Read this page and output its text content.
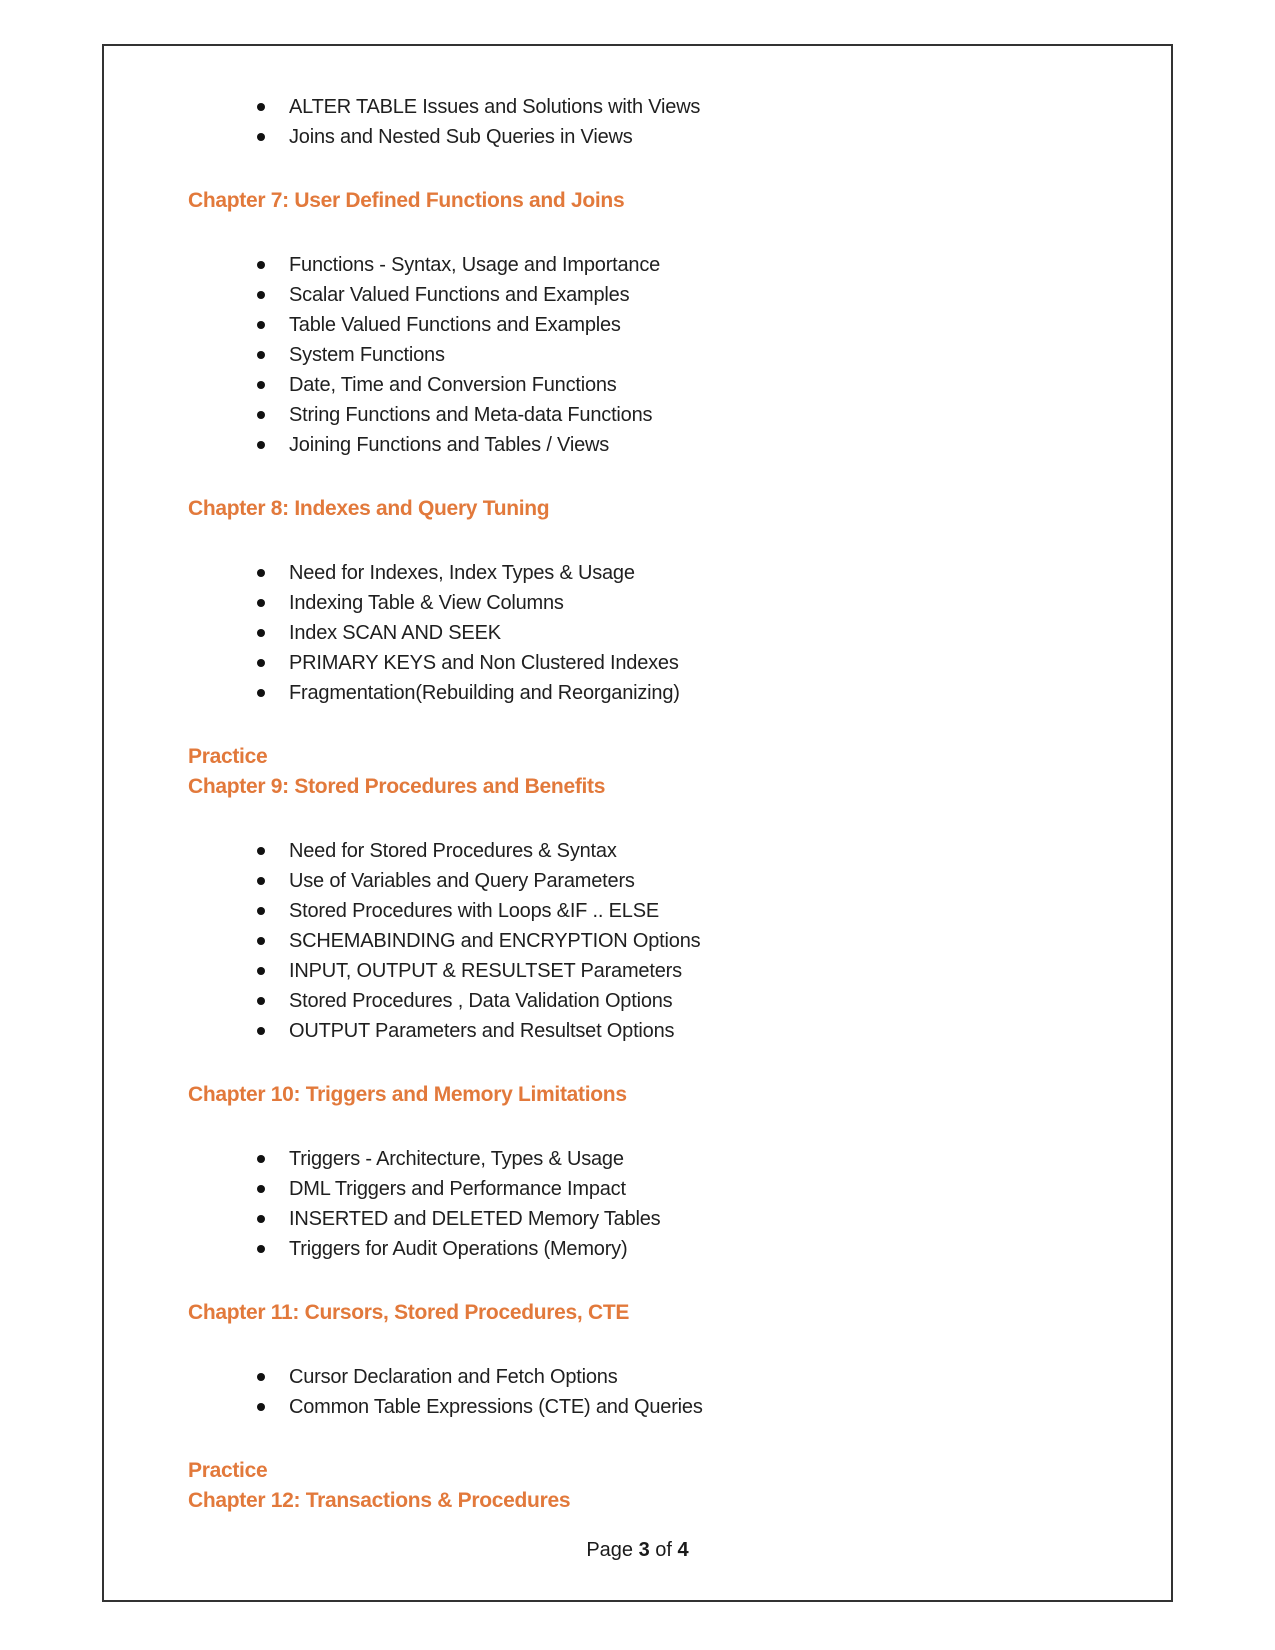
ALTER TABLE Issues and Solutions with Views
Joins and Nested Sub Queries in Views
Chapter 7: User Defined Functions and Joins
Functions - Syntax, Usage and Importance
Scalar Valued Functions and Examples
Table Valued Functions and Examples
System Functions
Date, Time and Conversion Functions
String Functions and Meta-data Functions
Joining Functions and Tables / Views
Chapter 8: Indexes and Query Tuning
Need for Indexes, Index Types & Usage
Indexing Table & View Columns
Index SCAN AND SEEK
PRIMARY KEYS and Non Clustered Indexes
Fragmentation(Rebuilding and Reorganizing)
Practice
Chapter 9: Stored Procedures and Benefits
Need for Stored Procedures & Syntax
Use of Variables and Query Parameters
Stored Procedures with Loops &IF .. ELSE
SCHEMABINDING and ENCRYPTION Options
INPUT, OUTPUT & RESULTSET Parameters
Stored Procedures , Data Validation Options
OUTPUT Parameters and Resultset Options
Chapter 10: Triggers and Memory Limitations
Triggers - Architecture, Types & Usage
DML Triggers and Performance Impact
INSERTED and DELETED Memory Tables
Triggers for Audit Operations (Memory)
Chapter 11: Cursors, Stored Procedures, CTE
Cursor Declaration and Fetch Options
Common Table Expressions (CTE) and Queries
Practice
Chapter 12: Transactions & Procedures
Page 3 of 4
